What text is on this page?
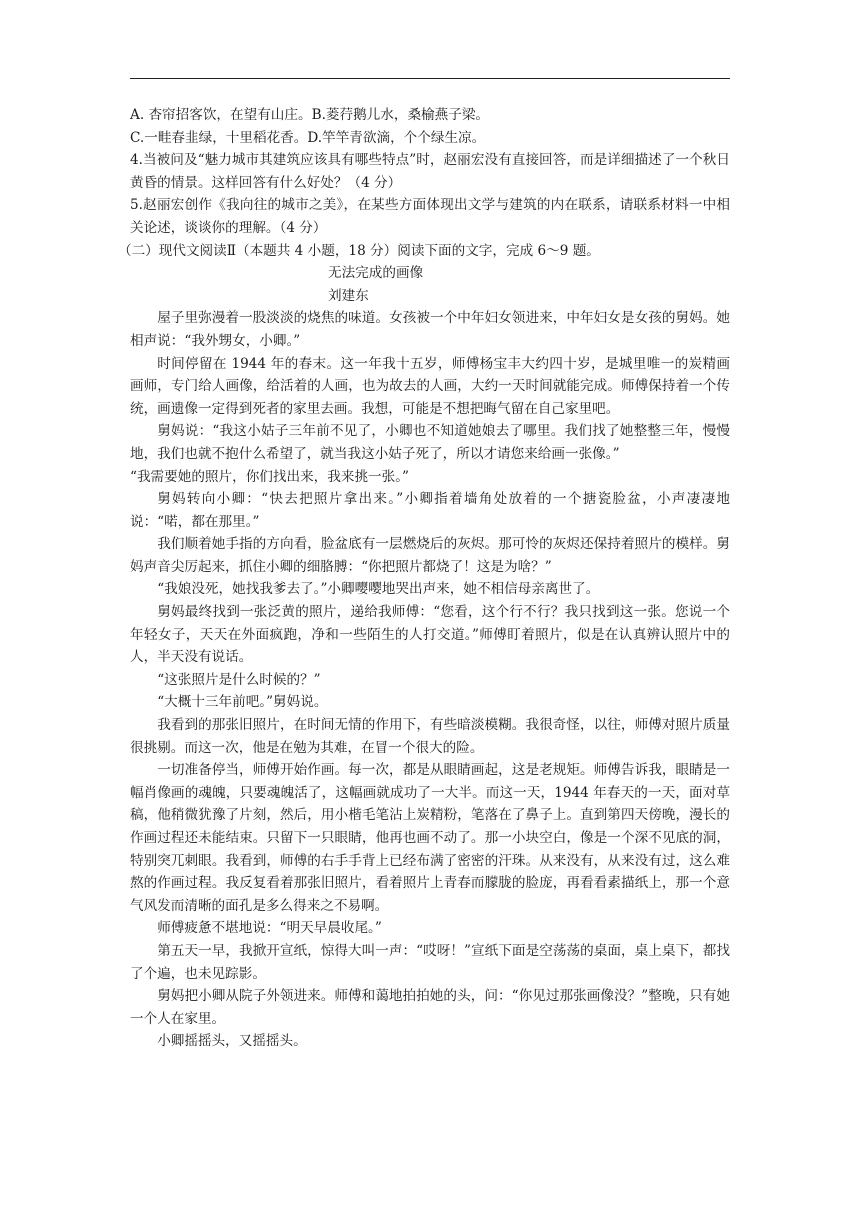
A. 杏帘招客饮，在望有山庄。B.菱荇鹅儿水，桑榆燕子梁。

C.一畦春韭绿，十里稻花香。D.竿竿青欲滴，个个绿生凉。

4.当被问及“魅力城市其建筑应该具有哪些特点”时，赵丽宏没有直接回答，而是详细描述了一个秋日黄昏的情景。这样回答有什么好处？（4 分）

5.赵丽宏创作《我向往的城市之美》，在某些方面体现出文学与建筑的内在联系，请联系材料一中相关论述，谈谈你的理解。（4 分）

（二）现代文阅读Ⅱ（本题共 4 小题，18 分）阅读下面的文字，完成 6～9 题。

无法完成的画像

刘建东

屋子里弥漫着一股淡淡的烧焦的味道。女孩被一个中年妇女领进来，中年妇女是女孩的舅妈。她相声说：“我外甥女，小卿。”

时间停留在 1944 年的春末。这一年我十五岁，师傅杨宝丰大约四十岁，是城里唯一的炭精画画师，专门给人画像，给活着的人画，也为故去的人画，大约一天时间就能完成。师傅保持着一个传统，画遗像一定得到死者的家里去画。我想，可能是不想把晦气留在自己家里吧。

舅妈说：“我这小姑子三年前不见了，小卿也不知道她娘去了哪里。我们找了她整整三年，慢慢地，我们也就不抱什么希望了，就当我这小姑子死了，所以才请您来给画一张像。”

“我需要她的照片，你们找出来，我来挑一张。”

舅妈转向小卿：“快去把照片拿出来。”小卿指着墙角处放着的一个搪瓷脸盆，小声凄凄地说：“喏，都在那里。”

我们顺着她手指的方向看，脸盆底有一层燃烧后的灰烬。那可怜的灰烬还保持着照片的模样。舅妈声音尖厉起来，抓住小卿的细胳膊：“你把照片都烧了！这是为啥？”

“我娘没死，她找我爹去了。”小卿嘤嘤地哭出声来，她不相信母亲离世了。

舅妈最终找到一张泛黄的照片，递给我师傅：“您看，这个行不行？我只找到这一张。您说一个年轻女子，天天在外面疯跑，净和一些陌生的人打交道。”师傅盯着照片，似是在认真辨认照片中的人，半天没有说话。

“这张照片是什么时候的？”

“大概十三年前吧。”舅妈说。

我看到的那张旧照片，在时间无情的作用下，有些暗淡模糊。我很奇怪，以往，师傅对照片质量很挑剔。而这一次，他是在勉为其难，在冒一个很大的险。

一切准备停当，师傅开始作画。每一次，都是从眼睛画起，这是老规矩。师傅告诉我，眼睛是一幅肖像画的魂魄，只要魂魄活了，这幅画就成功了一大半。而这一天，1944 年春天的一天，面对草稿，他稍微犹豫了片刻，然后，用小楷毛笔沾上炭精粉，笔落在了鼻子上。直到第四天傍晚，漫长的作画过程还未能结束。只留下一只眼睛，他再也画不动了。那一小块空白，像是一个深不见底的洞，特别突兀刺眼。我看到，师傅的右手手背上已经布满了密密的汗珠。从来没有，从来没有过，这么难熬的作画过程。我反复看着那张旧照片，看着照片上青春而朦胧的脸庞，再看看素描纸上，那一个意气风发而清晰的面孔是多么得来之不易啊。

师傅疲惫不堪地说：“明天早晨收尾。”

第五天一早，我掀开宣纸，惊得大叫一声：“哎呀！”宣纸下面是空荡荡的桌面，桌上桌下，都找了个遍，也未见踪影。

舅妈把小卿从院子外领进来。师傅和蔼地拍拍她的头，问：“你见过那张画像没？”整晚，只有她一个人在家里。

小卿摇摇头，又摇摇头。
